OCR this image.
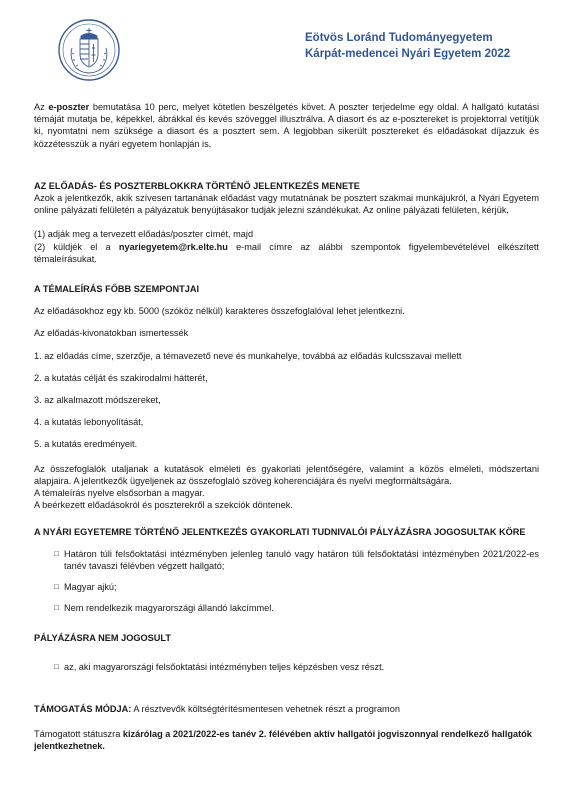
Eötvös Loránd Tudományegyetem
Kárpát-medencei Nyári Egyetem 2022

Az e-poszter bemutatása 10 perc, melyet kötetlen beszélgetés követ. A poszter terjedelme egy oldal. A hallgató kutatási témáját mutatja be, képekkel, ábrákkal és kevés szöveggel illusztrálva. A diasort és az e-posztereket is projektorral vetítjük ki, nyomtatni nem szüksége a diasort és a posztert sem. A legjobban sikerült posztereket és előadásokat díjazzuk és közzétesszük a nyári egyetem honlapján is.

AZ ELŐADÁS- ÉS POSZTERBLOKKRA TÖRTÉNŐ JELENTKEZÉS MENETE

Azok a jelentkezők, akik szívesen tartanának előadást vagy mutatnának be posztert szakmai munkájukról, a Nyári Egyetem online pályázati felületén a pályázatuk benyújtásakor tudják jelezni szándékukat. Az online pályázati felületen, kérjük,

(1) adják meg a tervezett előadás/poszter címét, majd

(2) küldjék el a nyariegyetem@rk.elte.hu e-mail címre az alábbi szempontok figyelembevételével elkészített témaleírásukat.

A TÉMALEÍRÁS FŐBB SZEMPONTJAI

Az előadásokhoz egy kb. 5000 (szóköz nélkül) karakteres összefoglalóval lehet jelentkezni.

Az előadás-kivonatokban ismertessék

1. az előadás címe, szerzője, a témavezető neve és munkahelye, továbbá az előadás kulcsszavai mellett

2. a kutatás célját és szakirodalmi hátterét,

3. az alkalmazott módszereket,

4. a kutatás lebonyolítását,

5. a kutatás eredményeit.

Az összefoglalók utaljanak a kutatások elméleti és gyakorlati jelentőségére, valamint a közös elméleti, módszertani alapjaira. A jelentkezők ügyeljenek az összefoglaló szöveg koherenciájára és nyelvi megformáltságára.

A témaleírás nyelve elsősorban a magyar.

A beérkezett előadásokról és poszterekről a szekciók döntenek.

A NYÁRI EGYETEMRE TÖRTÉNŐ JELENTKEZÉS GYAKORLATI TUDNIVALÓI PÁLYÁZÁSRA JOGOSULTAK KÖRE

□ Határon túli felsőoktatási intézményben jelenleg tanuló vagy határon túli felsőoktatási intézményben 2021/2022-es tanév tavaszi félévben végzett hallgató;
□ Magyar ajkú;
□ Nem rendelkezik magyarországi állandó lakcímmel.

PÁLYÁZÁSRA NEM JOGOSULT

□ az, aki magyarországi felsőoktatási intézményben teljes képzésben vesz részt.

TÁMOGATÁS MÓDJA: A résztvevők költségtérítésmentesen vehetnek részt a programon

Támogatott státuszra kizárólag a 2021/2022-es tanév 2. félévében aktív hallgatói jogviszonnyal rendelkező hallgatók jelentkezhetnek.
